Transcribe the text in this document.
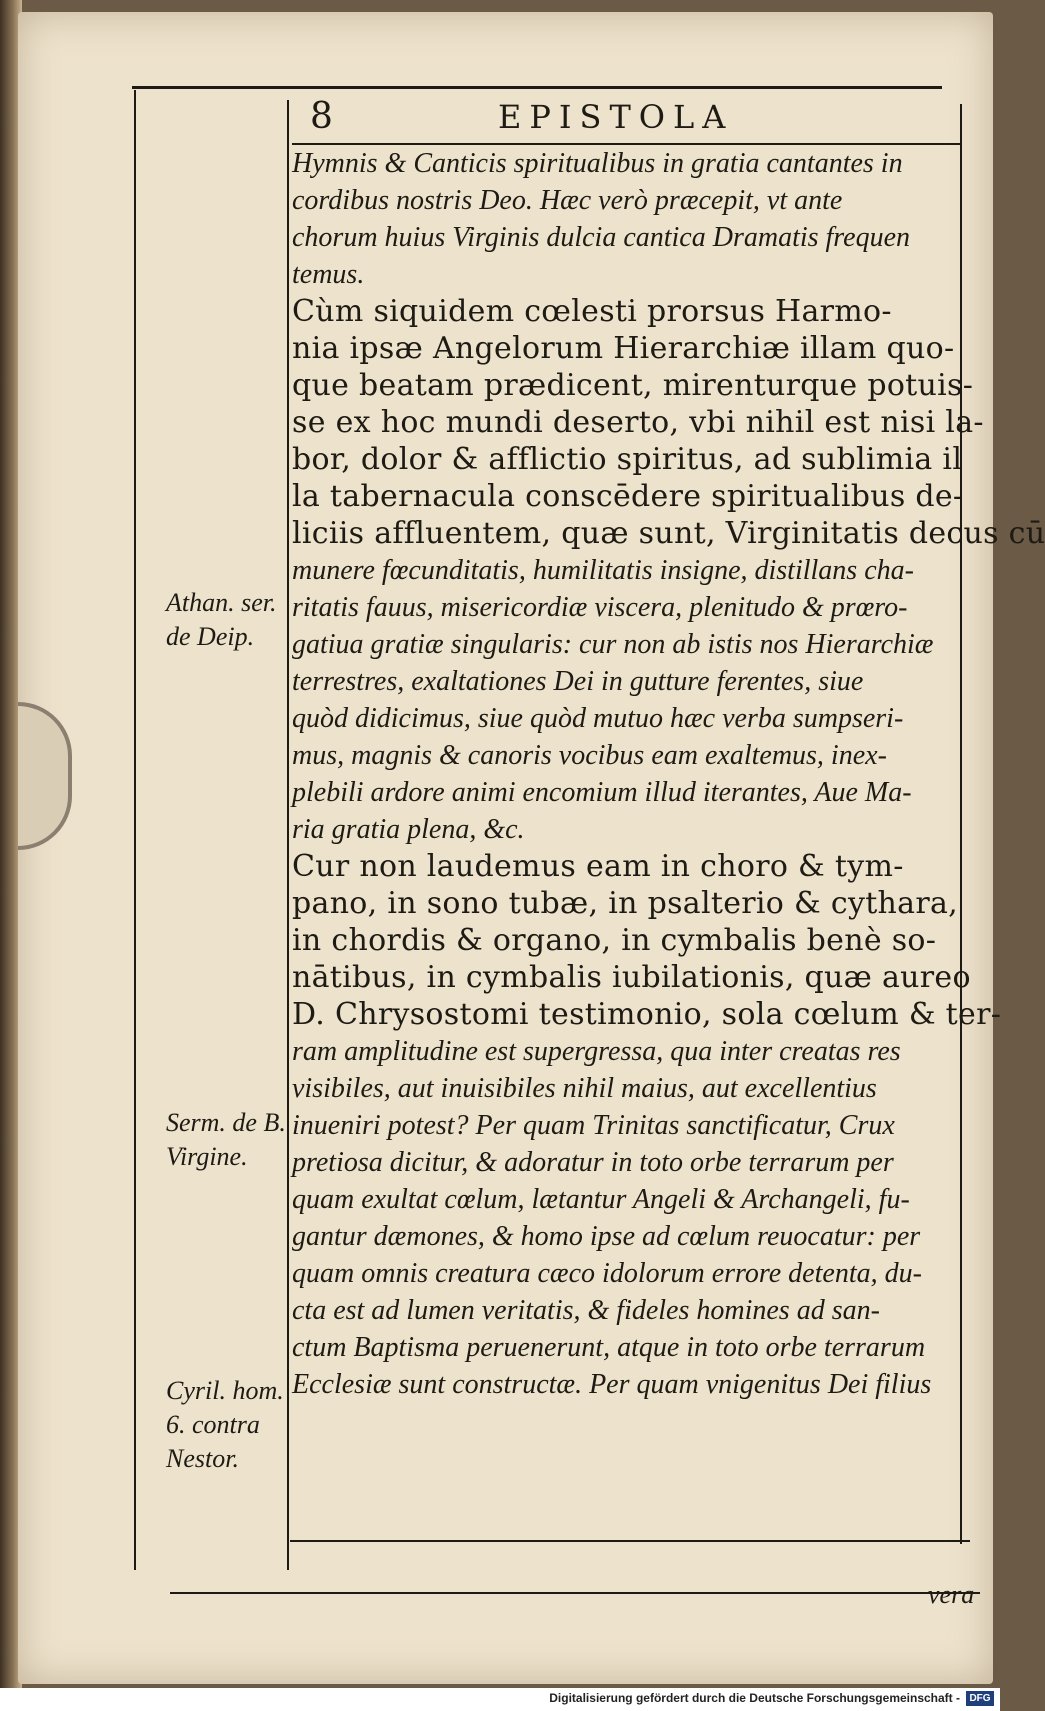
8	EPISTOLA
Hymnis & Canticis spiritualibus in gratia cantantes in
cordibus nostris Deo. Hæc verò præcepit, vt ante
chorum huius Virginis dulcia cantica Dramatis frequen
temus.
Cùm siquidem cœlesti prorsus Harmo-
nia ipsæ Angelorum Hierarchiæ illam quo-
que beatam prædicent, mirenturque potuis-
se ex hoc mundi deserto, vbi nihil est nisi la-
bor, dolor & afflictio spiritus, ad sublimia il
la tabernacula conscēdere spiritualibus de-
liciis affluentem, quæ sunt, Virginitatis decus cū
munere fœcunditatis, humilitatis insigne, distillans cha-
ritatis fauus, misericordiæ viscera, plenitudo & prœro-
gatiua gratiæ singularis: cur non ab istis nos Hierarchiæ
terrestres, exaltationes Dei in gutture ferentes, siue
quòd didicimus, siue quòd mutuo hæc verba sumpseri-
mus, magnis & canoris vocibus eam exaltemus, inex-
plebili ardore animi encomium illud iterantes, Aue Ma-
ria gratia plena, &c.
Cur non laudemus eam in choro & tym-
pano, in sono tubæ, in psalterio & cythara,
in chordis & organo, in cymbalis benè so-
nātibus, in cymbalis iubilationis, quæ aureo
D. Chrysostomi testimonio, sola cœlum & ter-
ram amplitudine est supergressa, qua inter creatas res
visibiles, aut inuisibiles nihil maius, aut excellentius
inueniri potest? Per quam Trinitas sanctificatur, Crux
pretiosa dicitur, & adoratur in toto orbe terrarum per
quam exultat cœlum, lætantur Angeli & Archangeli, fu-
gantur dæmones, & homo ipse ad cœlum reuocatur: per
quam omnis creatura cæco idolorum errore detenta, du-
cta est ad lumen veritatis, & fideles homines ad san-
ctum Baptisma peruenerunt, atque in toto orbe terrarum
Ecclesiæ sunt constructæ. Per quam vnigenitus Dei filius
Athan. ser. de Deip.
Serm. de B. Virgine.
Cyril. hom. 6. contra Nestor.
vera
Digitalisierung gefördert durch die Deutsche Forschungsgemeinschaft - DFG
